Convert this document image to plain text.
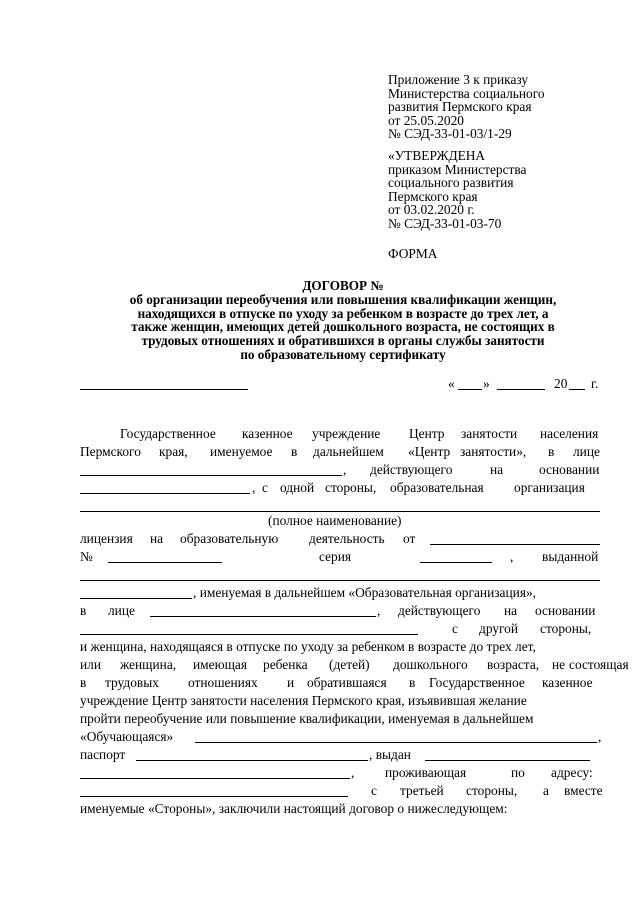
Приложение 3 к приказу
Министерства социального
развития Пермского края
от 25.05.2020
№ СЭД-33-01-03/1-29
«УТВЕРЖДЕНА
приказом Министерства
социального развития
Пермского края
от 03.02.2020 г.
№ СЭД-33-01-03-70
ФОРМА
ДОГОВОР №
об организации переобучения или повышения квалификации женщин,
находящихся в отпуске по уходу за ребенком в возрасте до трех лет, а
также женщин, имеющих детей дошкольного возраста, не состоящих в
трудовых отношениях и обратившихся в органы службы занятости
по образовательному сертификату
« »	20 г.
Государственное казенное учреждение Центр занятости населения
Пермского края, именуемое в дальнейшем «Центр занятости», в лице
, действующего	на	основании
, с одной стороны, образовательная организация
(полное наименование)
лицензия на образовательную деятельность от
№	серия	, выданной
, именуемая в дальнейшем «Образовательная организация»,
в лице	, действующего на основании
с другой стороны,
и женщина, находящаяся в отпуске по уходу за ребенком в возрасте до трех лет,
или женщина, имеющая ребенка (детей) дошкольного возраста, не состоящая
в трудовых отношениях и обратившаяся в Государственное казенное
учреждение Центр занятости населения Пермского края, изъявившая желание
пройти переобучение или повышение квалификации, именуемая в дальнейшем
«Обучающаяся»	,
паспорт	, выдан
, проживающая	по адресу:
с третьей стороны, а вместе
именуемые «Стороны», заключили настоящий договор о нижеследующем:
